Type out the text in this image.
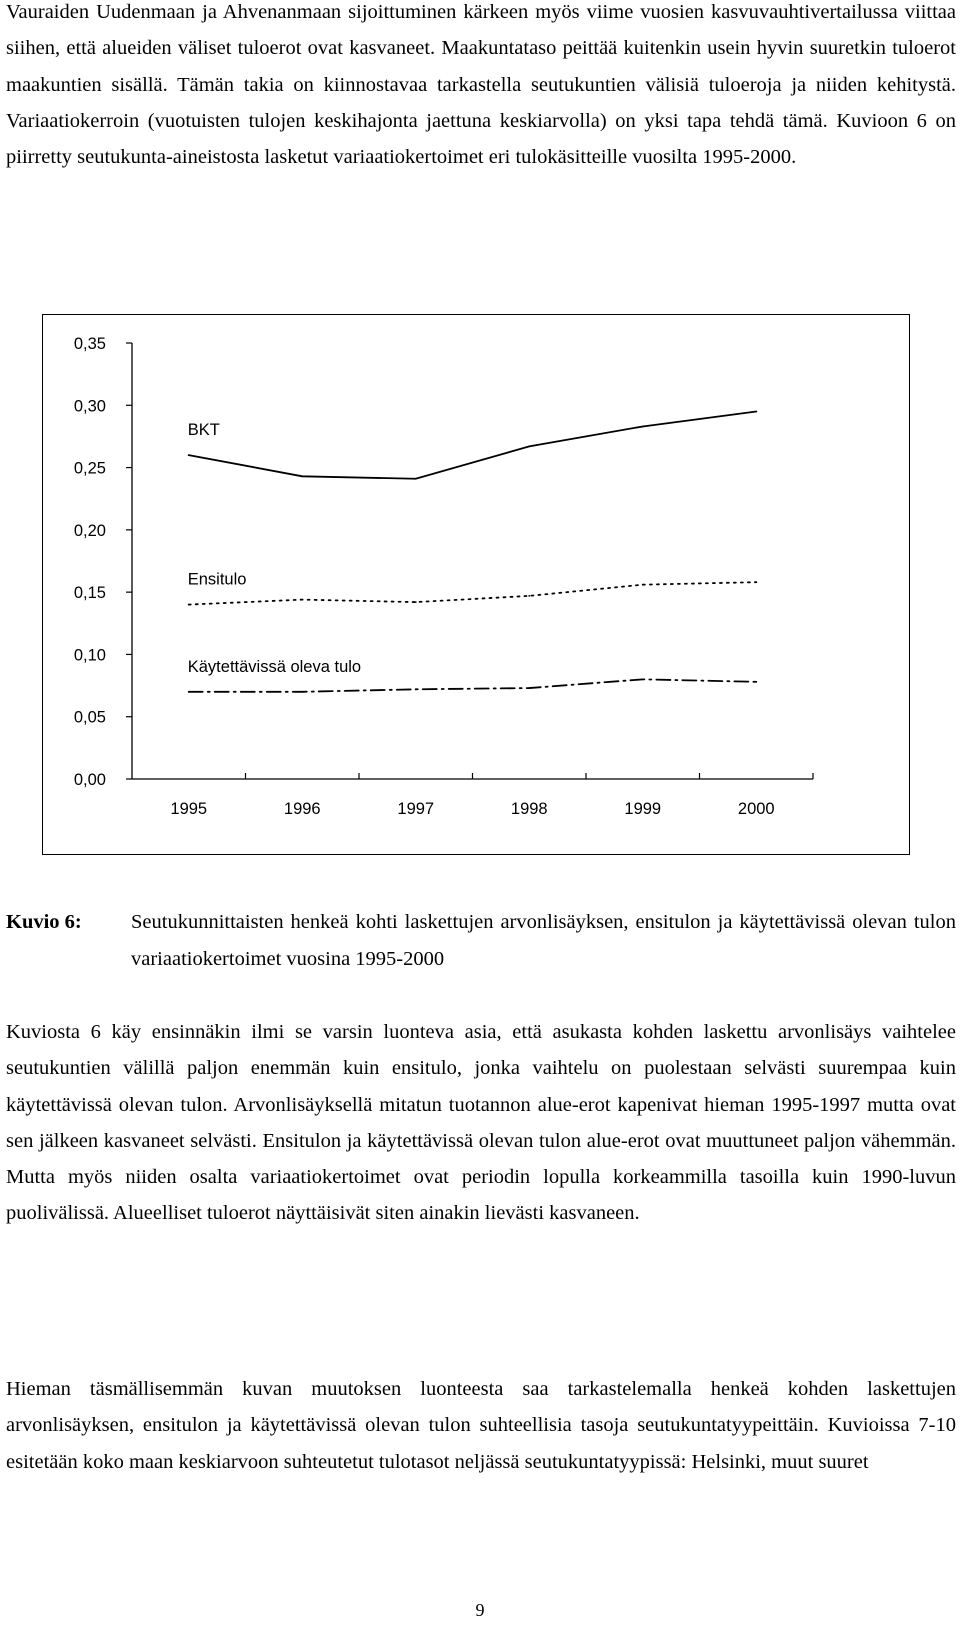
Vauraiden Uudenmaan ja Ahvenanmaan sijoittuminen kärkeen myös viime vuosien kasvuvauhtivertailussa viittaa siihen, että alueiden väliset tuloerot ovat kasvaneet. Maakuntataso peittää kuitenkin usein hyvin suuretkin tuloerot maakuntien sisällä. Tämän takia on kiinnostavaa tarkastella seutukuntien välisiä tuloeroja ja niiden kehitystä. Variaatiokerroin (vuotuisten tulojen keskihajonta jaettuna keskiarvolla) on yksi tapa tehdä tämä. Kuvioon 6 on piirretty seutukunta-aineistosta lasketut variaatiokertoimet eri tulokäsitteille vuosilta 1995-2000.

0,00
0,05
0,10
0,15
0,20
0,25
0,30
0,35
1995	1996	1997	1998	1999	2000
BKT
Ensitulo
Käytettävissä oleva tulo
Kuvio 6: Seutukunnittaisten henkeä kohti laskettujen arvonlisäyksen, ensitulon ja käytettävissä olevan tulon variaatiokertoimet vuosina 1995-2000

Kuviosta 6 käy ensinnäkin ilmi se varsin luonteva asia, että asukasta kohden laskettu arvonlisäys vaihtelee seutukuntien välillä paljon enemmän kuin ensitulo, jonka vaihtelu on puolestaan selvästi suurempaa kuin käytettävissä olevan tulon. Arvonlisäyksellä mitatun tuotannon alue-erot kapenivat hieman 1995-1997 mutta ovat sen jälkeen kasvaneet selvästi. Ensitulon ja käytettävissä olevan tulon alue-erot ovat muuttuneet paljon vähemmän. Mutta myös niiden osalta variaatiokertoimet ovat periodin lopulla korkeammilla tasoilla kuin 1990-luvun puolivälissä. Alueelliset tuloerot näyttäisivät siten ainakin lievästi kasvaneen.

Hieman täsmällisemmän kuvan muutoksen luonteesta saa tarkastelemalla henkeä kohden laskettujen arvonlisäyksen, ensitulon ja käytettävissä olevan tulon suhteellisia tasoja seutukuntatyypeittäin. Kuvioissa 7-10 esitetään koko maan keskiarvoon suhteutetut tulotasot neljässä seutukuntatyypissä: Helsinki, muut suuret

9
